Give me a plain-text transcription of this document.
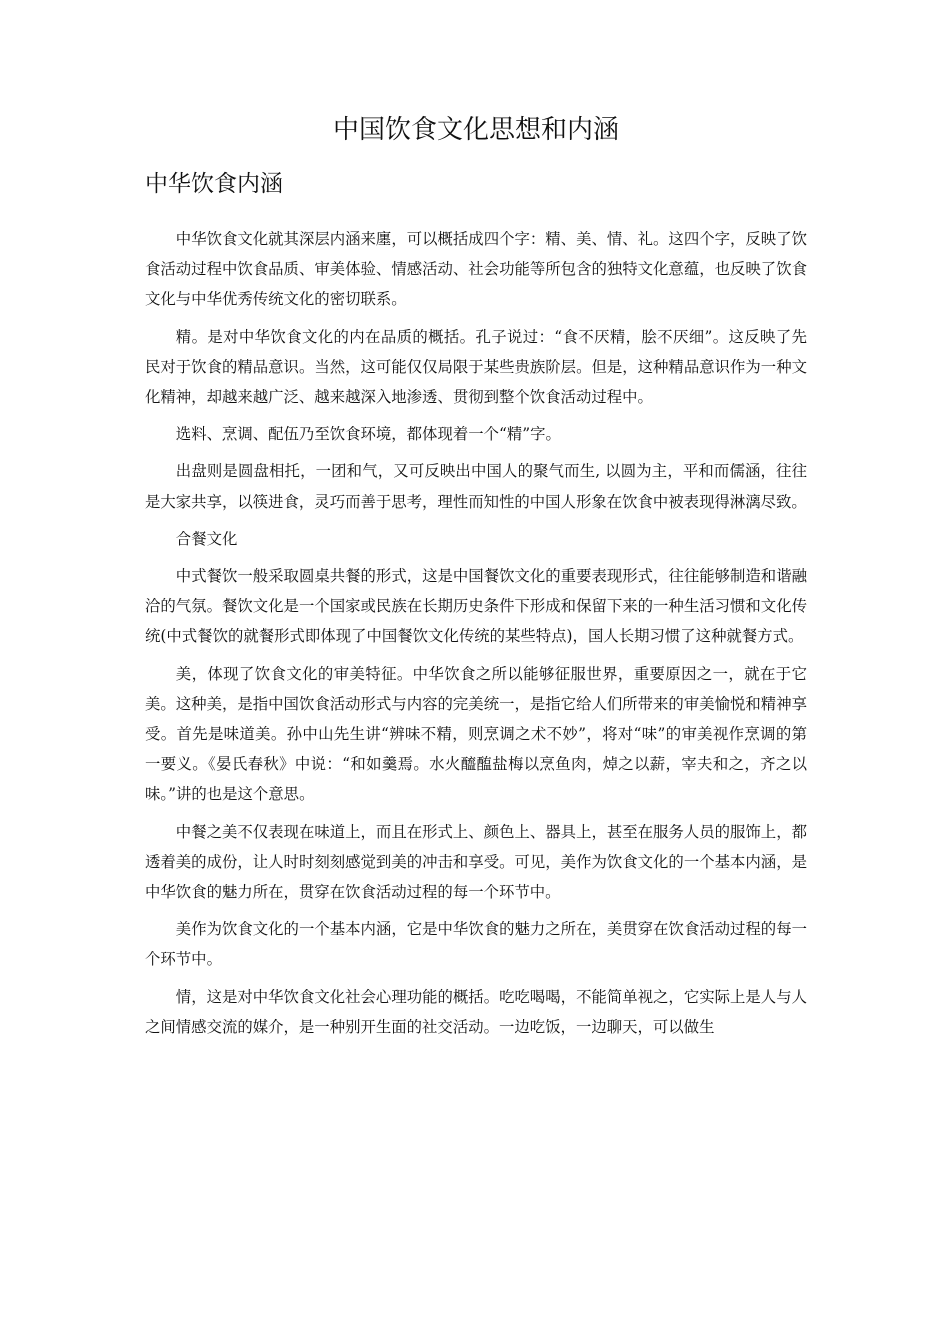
中国饮食文化思想和内涵
中华饮食内涵

中华饮食文化就其深层内涵来廛，可以概括成四个字：精、美、情、礼。这四个字，反映了饮食活动过程中饮食品质、审美体验、情感活动、社会功能等所包含的独特文化意蕴，也反映了饮食文化与中华优秀传统文化的密切联系。

精。是对中华饮食文化的内在品质的概括。孔子说过：“食不厌精，脍不厌细”。这反映了先民对于饮食的精品意识。当然，这可能仅仅局限于某些贵族阶层。但是，这种精品意识作为一种文化精神，却越来越广泛、越来越深入地渗透、贯彻到整个饮食活动过程中。

选料、烹调、配伍乃至饮食环境，都体现着一个“精”字。

出盘则是圆盘相托，一团和气，又可反映出中国人的聚气而生, 以圆为主，平和而儒涵，往往是大家共享，以筷进食，灵巧而善于思考，理性而知性的中国人形象在饮食中被表现得淋漓尽致。

合餐文化

中式餐饮一般采取圆桌共餐的形式，这是中国餐饮文化的重要表现形式，往往能够制造和谐融洽的气氛。餐饮文化是一个国家或民族在长期历史条件下形成和保留下来的一种生活习惯和文化传统(中式餐饮的就餐形式即体现了中国餐饮文化传统的某些特点)，国人长期习惯了这种就餐方式。

美，体现了饮食文化的审美特征。中华饮食之所以能够征服世界，重要原因之一，就在于它美。这种美，是指中国饮食活动形式与内容的完美统一，是指它给人们所带来的审美愉悦和精神享受。首先是味道美。孙中山先生讲“辨味不精，则烹调之术不妙”，将对“味”的审美视作烹调的第一要义。《晏氏春秋》中说：“和如羹焉。水火醯醢盐梅以烹鱼肉，焯之以薪，宰夫和之，齐之以味。”讲的也是这个意思。

中餐之美不仅表现在味道上，而且在形式上、颜色上、器具上，甚至在服务人员的服饰上，都透着美的成份，让人时时刻刻感觉到美的冲击和享受。可见，美作为饮食文化的一个基本内涵，是中华饮食的魅力所在，贯穿在饮食活动过程的每一个环节中。

美作为饮食文化的一个基本内涵，它是中华饮食的魅力之所在，美贯穿在饮食活动过程的每一个环节中。

情，这是对中华饮食文化社会心理功能的概括。吃吃喝喝，不能简单视之，它实际上是人与人之间情感交流的媒介，是一种别开生面的社交活动。一边吃饭，一边聊天，可以做生
